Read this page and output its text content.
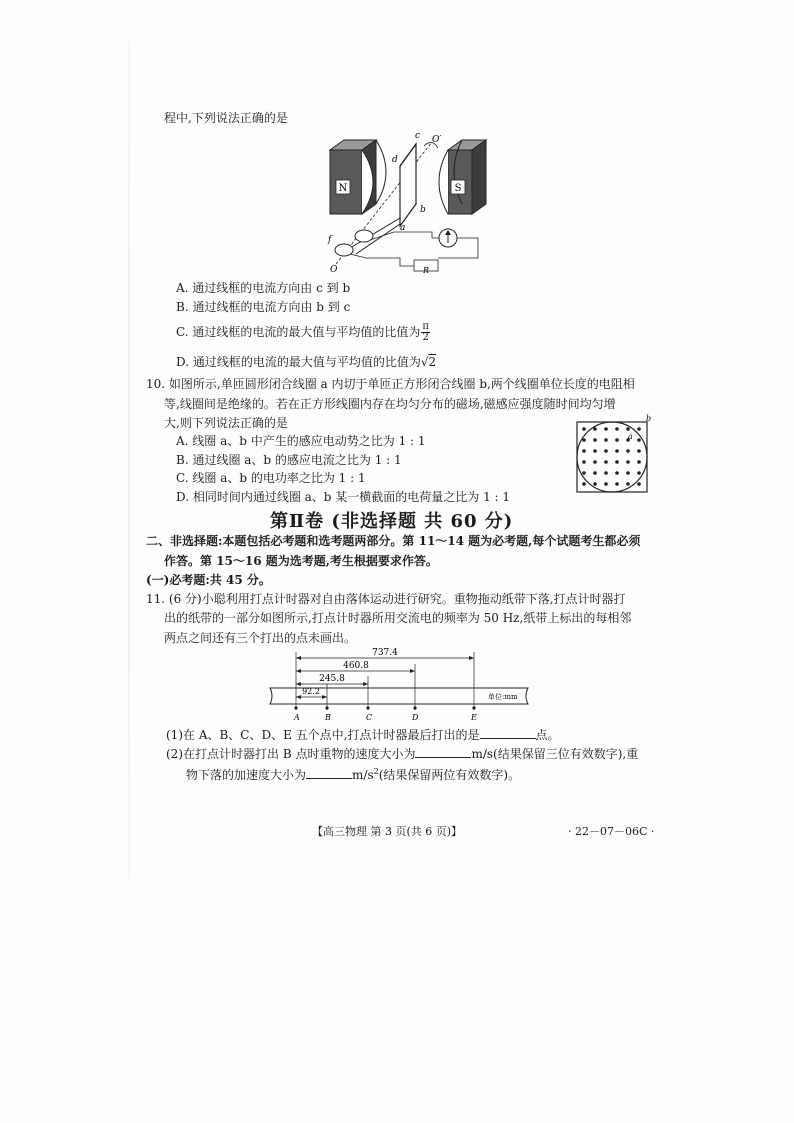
程中,下列说法正确的是
N	S
c O′
d
b
a
f
O	R
A. 通过线框的电流方向由 c 到 b
B. 通过线框的电流方向由 b 到 c
C. 通过线框的电流的最大值与平均值的比值为 $\frac{\pi}{2}$
D. 通过线框的电流的最大值与平均值的比值为√2
10. 如图所示,单匝圆形闭合线圈 a 内切于单匝正方形闭合线圈 b,两个线圈单位长度的电阻相
等,线圈间是绝缘的。若在正方形线圈内存在均匀分布的磁场,磁感应强度随时间均匀增
大,则下列说法正确的是
A. 线圈 a、b 中产生的感应电动势之比为 1 : 1
B. 通过线圈 a、b 的感应电流之比为 1 : 1
C. 线圈 a、b 的电功率之比为 1 : 1
D. 相同时间内通过线圈 a、b 某一横截面的电荷量之比为 1 : 1
b
a
第Ⅱ卷 (非选择题 共 60 分)
二、非选择题:本题包括必考题和选考题两部分。第 11～14 题为必考题,每个试题考生都必须
作答。第 15～16 题为选考题,考生根据要求作答。
(一)必考题:共 45 分。
11. (6 分)小聪利用打点计时器对自由落体运动进行研究。重物拖动纸带下落,打点计时器打
出的纸带的一部分如图所示,打点计时器所用交流电的频率为 50 Hz,纸带上标出的每相邻
两点之间还有三个打出的点未画出。
737.4
460.8
245.8
92.2
单位:mm
A	B	C	D	E
(1)在 A、B、C、D、E 五个点中,打点计时器最后打出的是	点。
(2)在打点计时器打出 B 点时重物的速度大小为	m/s(结果保留三位有效数字),重
物下落的加速度大小为	$m/s^2$(结果保留两位有效数字)。
【高三物理 第 3 页(共 6 页)】	· 22－07－06C ·
